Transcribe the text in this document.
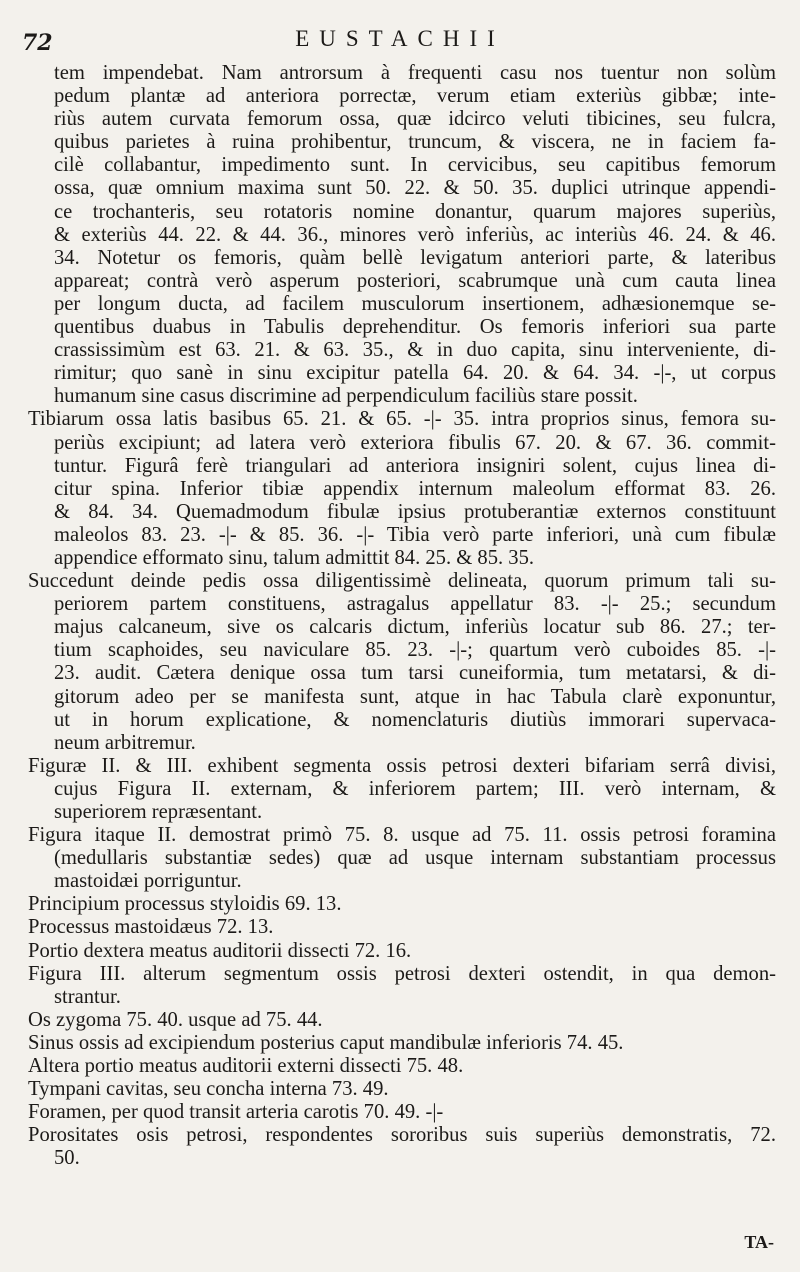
72	EUSTACHII
tem impendebat. Nam antrorsum à frequenti casu nos tuentur non solùm
pedum plantæ ad anteriora porrectæ, verum etiam exteriùs gibbæ; inte-
riùs autem curvata femorum ossa, quæ idcirco veluti tibicines, seu fulcra,
quibus parietes à ruina prohibentur, truncum, & viscera, ne in faciem fa-
cilè collabantur, impedimento sunt. In cervicibus, seu capitibus femorum
ossa, quæ omnium maxima sunt 50. 22. & 50. 35. duplici utrinque appendi-
ce trochanteris, seu rotatoris nomine donantur, quarum majores superiùs,
& exteriùs 44. 22. & 44. 36., minores verò inferiùs, ac interiùs 46. 24. & 46.
34. Notetur os femoris, quàm bellè levigatum anteriori parte, & lateribus
appareat; contrà verò asperum posteriori, scabrumque unà cum cauta linea
per longum ducta, ad facilem musculorum insertionem, adhæsionemque se-
quentibus duabus in Tabulis deprehenditur. Os femoris inferiori sua parte
crassissimùm est 63. 21. & 63. 35., & in duo capita, sinu interveniente, di-
rimitur; quo sanè in sinu excipitur patella 64. 20. & 64. 34. -|-, ut corpus
humanum sine casus discrimine ad perpendiculum faciliùs stare possit.
Tibiarum ossa latis basibus 65. 21. & 65. -|- 35. intra proprios sinus, femora su-
periùs excipiunt; ad latera verò exteriora fibulis 67. 20. & 67. 36. commit-
tuntur. Figurâ ferè triangulari ad anteriora insigniri solent, cujus linea di-
citur spina. Inferior tibiæ appendix internum maleolum efformat 83. 26.
& 84. 34. Quemadmodum fibulæ ipsius protuberantiæ externos constituunt
maleolos 83. 23. -|- & 85. 36. -|- Tibia verò parte inferiori, unà cum fibulæ
appendice efformato sinu, talum admittit 84. 25. & 85. 35.
Succedunt deinde pedis ossa diligentissimè delineata, quorum primum tali su-
periorem partem constituens, astragalus appellatur 83. -|- 25.; secundum
majus calcaneum, sive os calcaris dictum, inferiùs locatur sub 86. 27.; ter-
tium scaphoides, seu naviculare 85. 23. -|-; quartum verò cuboides 85. -|-
23. audit. Cætera denique ossa tum tarsi cuneiformia, tum metatarsi, & di-
gitorum adeo per se manifesta sunt, atque in hac Tabula clarè exponuntur,
ut in horum explicatione, & nomenclaturis diutiùs immorari supervaca-
neum arbitremur.
Figuræ II. & III. exhibent segmenta ossis petrosi dexteri bifariam serrâ divisi,
cujus Figura II. externam, & inferiorem partem; III. verò internam, &
superiorem repræsentant.
Figura itaque II. demostrat primò 75. 8. usque ad 75. 11. ossis petrosi foramina
(medullaris substantiæ sedes) quæ ad usque internam substantiam processus
mastoidæi porriguntur.
Principium processus styloidis 69. 13.
Processus mastoidæus 72. 13.
Portio dextera meatus auditorii dissecti 72. 16.
Figura III. alterum segmentum ossis petrosi dexteri ostendit, in qua demon-
strantur.
Os zygoma 75. 40. usque ad 75. 44.
Sinus ossis ad excipiendum posterius caput mandibulæ inferioris 74. 45.
Altera portio meatus auditorii externi dissecti 75. 48.
Tympani cavitas, seu concha interna 73. 49.
Foramen, per quod transit arteria carotis 70. 49. -|-
Porositates osis petrosi, respondentes sororibus suis superiùs demonstratis, 72.
50.
TA-
